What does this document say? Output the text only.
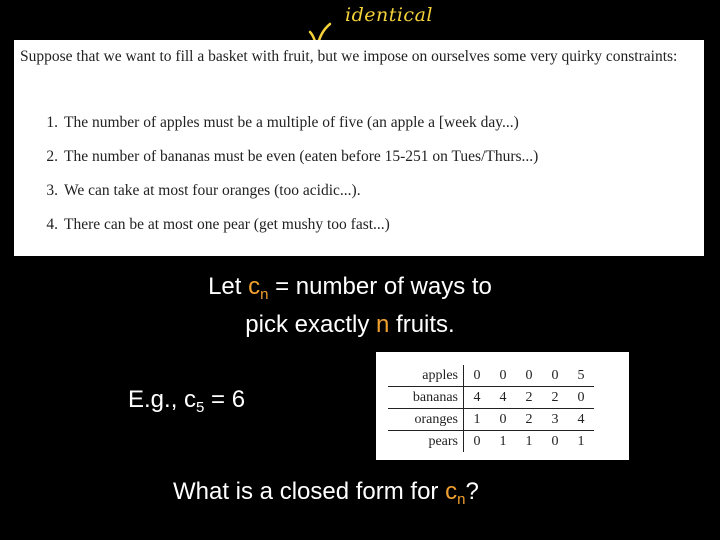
identical
Suppose that we want to fill a basket with fruit, but we impose on ourselves some very quirky constraints:
1. The number of apples must be a multiple of five (an apple a [week day...)
2. The number of bananas must be even (eaten before 15-251 on Tues/Thurs...)
3. We can take at most four oranges (too acidic...).
4. There can be at most one pear (get mushy too fast...)
Let $c_n$ = number of ways to
pick exactly n fruits.
E.g., $c_5 = 6$
apples	0	0	0	0	5
bananas	4	4	2	2	0
oranges	1	0	2	3	4
pears	0	1	1	0	1
What is a closed form for $c_n$?
